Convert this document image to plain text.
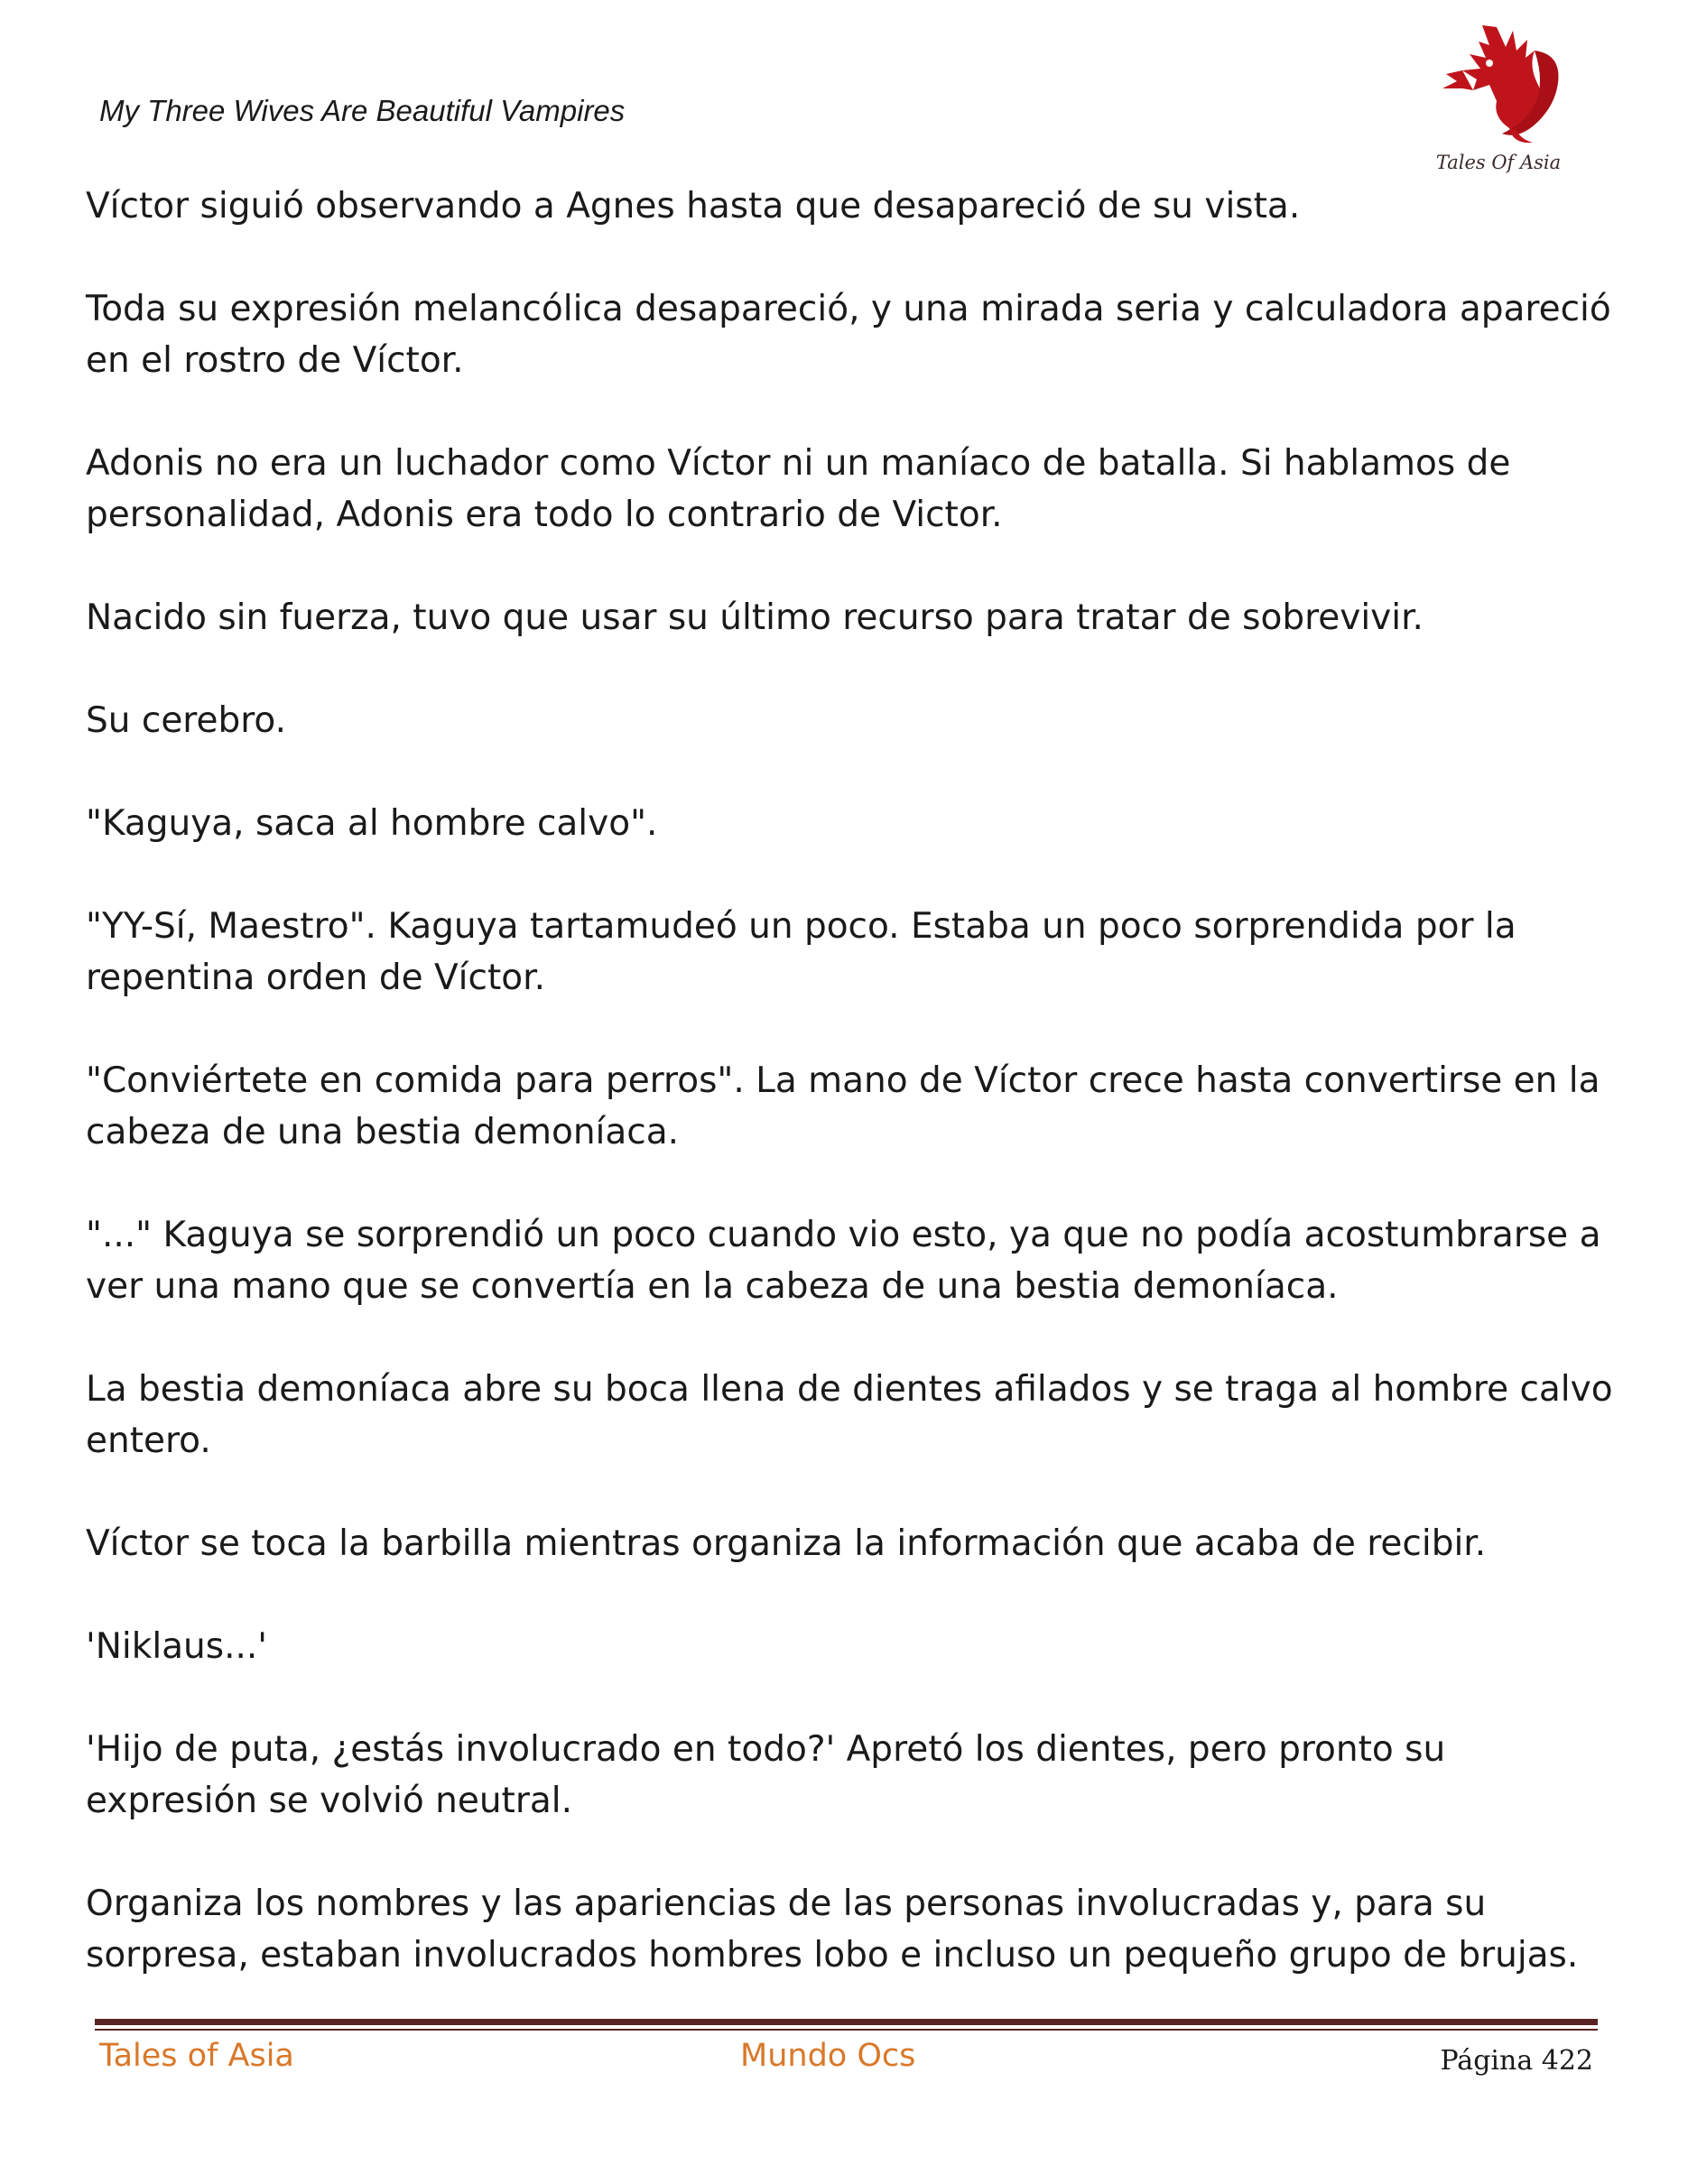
My Three Wives Are Beautiful Vampires
Tales Of Asia

Víctor siguió observando a Agnes hasta que desapareció de su vista.

Toda su expresión melancólica desapareció, y una mirada seria y calculadora apareció en el rostro de Víctor.

Adonis no era un luchador como Víctor ni un maníaco de batalla. Si hablamos de personalidad, Adonis era todo lo contrario de Victor.

Nacido sin fuerza, tuvo que usar su último recurso para tratar de sobrevivir.

Su cerebro.

"Kaguya, saca al hombre calvo".

"YY-Sí, Maestro". Kaguya tartamudeó un poco. Estaba un poco sorprendida por la repentina orden de Víctor.

"Conviértete en comida para perros". La mano de Víctor crece hasta convertirse en la cabeza de una bestia demoníaca.

"..." Kaguya se sorprendió un poco cuando vio esto, ya que no podía acostumbrarse a ver una mano que se convertía en la cabeza de una bestia demoníaca.

La bestia demoníaca abre su boca llena de dientes afilados y se traga al hombre calvo entero.

Víctor se toca la barbilla mientras organiza la información que acaba de recibir.

'Niklaus...'

'Hijo de puta, ¿estás involucrado en todo?' Apretó los dientes, pero pronto su expresión se volvió neutral.

Organiza los nombres y las apariencias de las personas involucradas y, para su sorpresa, estaban involucrados hombres lobo e incluso un pequeño grupo de brujas.

Tales of Asia	Mundo Ocs	Página 422
